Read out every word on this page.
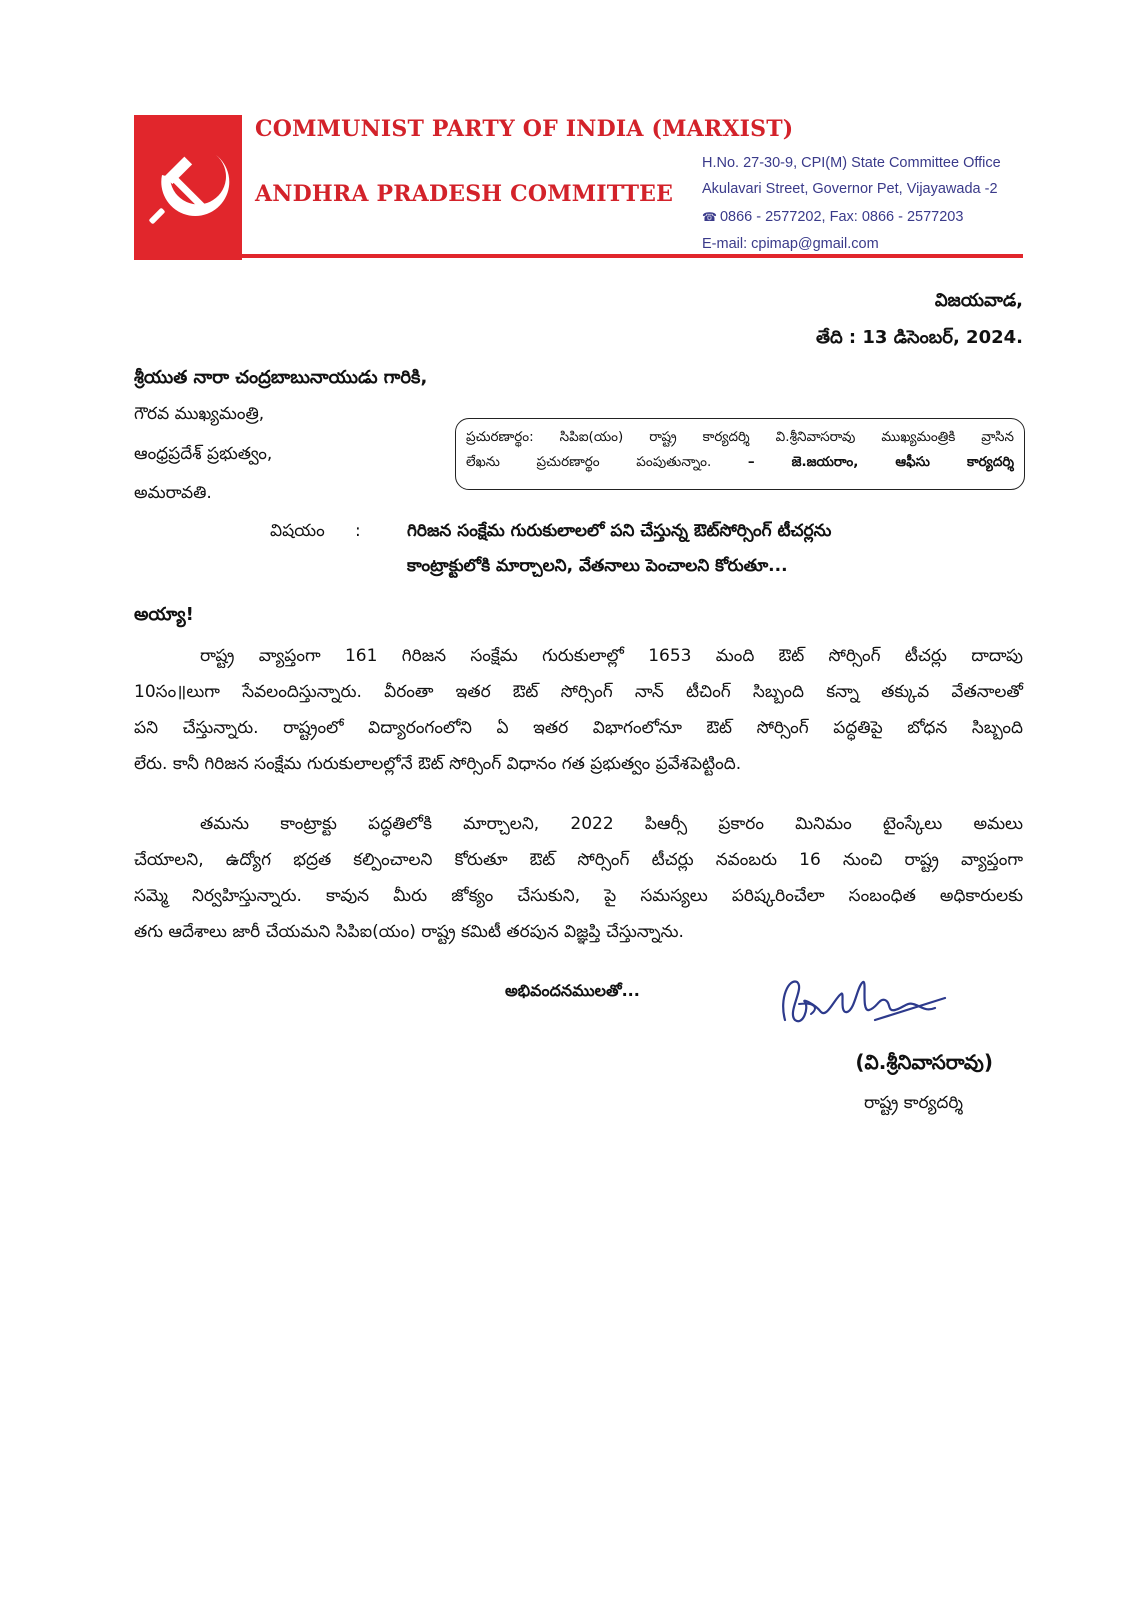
COMMUNIST PARTY OF INDIA (MARXIST)
ANDHRA PRADESH COMMITTEE
H.No. 27-30-9, CPI(M) State Committee Office
Akulavari Street, Governor Pet, Vijayawada -2
☎ 0866 - 2577202, Fax: 0866 - 2577203
E-mail: cpimap@gmail.com
విజయవాడ,
తేది : 13 డిసెంబర్, 2024.
శ్రీయుత నారా చంద్రబాబునాయుడు గారికి,
గౌరవ ముఖ్యమంత్రి,
ఆంధ్రప్రదేశ్ ప్రభుత్వం,
అమరావతి.
ప్రచురణార్థం: సిపిఐ(యం) రాష్ట్ర కార్యదర్శి వి.శ్రీనివాసరావు ముఖ్యమంత్రికి వ్రాసిన
లేఖను ప్రచురణార్థం పంపుతున్నాం.	– జె.జయరాం, ఆఫీసు కార్యదర్శి
విషయం :	గిరిజన సంక్షేమ గురుకులాలలో పని చేస్తున్న ఔట్‌సోర్సింగ్ టీచర్లను
కాంట్రాక్టులోకి మార్చాలని, వేతనాలు పెంచాలని కోరుతూ...
అయ్యా!
రాష్ట్ర వ్యాప్తంగా 161 గిరిజన సంక్షేమ గురుకులాల్లో 1653 మంది ఔట్ సోర్సింగ్ టీచర్లు దాదాపు
10సం॥లుగా సేవలందిస్తున్నారు. వీరంతా ఇతర ఔట్ సోర్సింగ్ నాన్ టీచింగ్ సిబ్బంది కన్నా తక్కువ వేతనాలతో
పని చేస్తున్నారు. రాష్ట్రంలో విద్యారంగంలోని ఏ ఇతర విభాగంలోనూ ఔట్ సోర్సింగ్ పద్ధతిపై బోధన సిబ్బంది
లేరు. కానీ గిరిజన సంక్షేమ గురుకులాలల్లోనే ఔట్ సోర్సింగ్ విధానం గత ప్రభుత్వం ప్రవేశపెట్టింది.
తమను కాంట్రాక్టు పద్ధతిలోకి మార్చాలని, 2022 పిఆర్సీ ప్రకారం మినిమం టైంస్కేలు అమలు
చేయాలని, ఉద్యోగ భద్రత కల్పించాలని కోరుతూ ఔట్ సోర్సింగ్ టీచర్లు నవంబరు 16 నుంచి రాష్ట్ర వ్యాప్తంగా
సమ్మె నిర్వహిస్తున్నారు. కావున మీరు జోక్యం చేసుకుని, పై సమస్యలు పరిష్కరించేలా సంబంధిత అధికారులకు
తగు ఆదేశాలు జారీ చేయమని సిపిఐ(యం) రాష్ట్ర కమిటీ తరపున విజ్ఞప్తి చేస్తున్నాను.
అభివందనములతో...
(వి.శ్రీనివాసరావు)
రాష్ట్ర కార్యదర్శి
